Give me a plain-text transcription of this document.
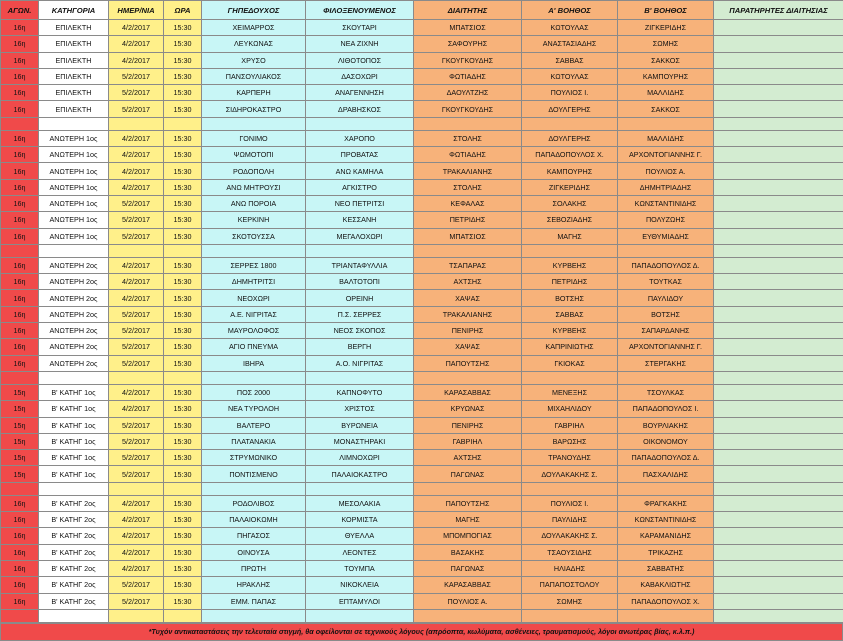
ΑΓΩΝ.	ΚΑΤΗΓΟΡΙΑ	ΗΜΕΡ/ΝΙΑ	ΩΡΑ	ΓΗΠΕΔΟΥΧΟΣ	ΦΙΛΟΞΕΝΟΥΜΕΝΟΣ	ΔΙΑΙΤΗΤΗΣ	Α' ΒΟΗΘΟΣ	Β' ΒΟΗΘΟΣ	ΠΑΡΑΤΗΡΗΤΕΣ ΔΙΑΙΤΗΣΙΑΣ
16η	ΕΠΙΛΕΚΤΗ	4/2/2017	15:30	ΧΕΙΜΑΡΡΟΣ	ΣΚΟΥΤΑΡΙ	ΜΠΑΤΣΙΟΣ	ΚΩΤΟΥΛΑΣ	ΖΙΓΚΕΡΙΔΗΣ	
16η	ΕΠΙΛΕΚΤΗ	4/2/2017	15:30	ΛΕΥΚΩΝΑΣ	ΝΕΑ ΖΙΧΝΗ	ΣΑΦΟΥΡΗΣ	ΑΝΑΣΤΑΣΙΑΔΗΣ	ΣΩΜΗΣ	
16η	ΕΠΙΛΕΚΤΗ	4/2/2017	15:30	ΧΡΥΣΟ	ΛΙΘΟΤΟΠΟΣ	ΓΚΟΥΓΚΟΥΔΗΣ	ΣΑΒΒΑΣ	ΣΑΚΚΟΣ	
16η	ΕΠΙΛΕΚΤΗ	5/2/2017	15:30	ΠΑΝΣΟΥΛΙΑΚΟΣ	ΔΑΣΟΧΩΡΙ	ΦΩΤΙΑΔΗΣ	ΚΩΤΟΥΛΑΣ	ΚΑΜΠΟΥΡΗΣ	
16η	ΕΠΙΛΕΚΤΗ	5/2/2017	15:30	ΚΑΡΠΕΡΗ	ΑΝΑΓΕΝΝΗΣΗ	ΔΑΟΥΛΤΖΗΣ	ΠΟΥΛΙΟΣ Ι.	ΜΑΛΛΙΔΗΣ	
16η	ΕΠΙΛΕΚΤΗ	5/2/2017	15:30	ΣΙΔΗΡΟΚΑΣΤΡΟ	ΔΡΑΒΗΣΚΟΣ	ΓΚΟΥΓΚΟΥΔΗΣ	ΔΟΥΛΓΕΡΗΣ	ΣΑΚΚΟΣ	

16η	ΑΝΩΤΕΡΗ 1ος	4/2/2017	15:30	ΓΟΝΙΜΟ	ΧΑΡΟΠΟ	ΣΤΟΛΗΣ	ΔΟΥΛΓΕΡΗΣ	ΜΑΛΛΙΔΗΣ	
16η	ΑΝΩΤΕΡΗ 1ος	4/2/2017	15:30	ΨΩΜΟΤΟΠΙ	ΠΡΟΒΑΤΑΣ	ΦΩΤΙΑΔΗΣ	ΠΑΠΑΔΟΠΟΥΛΟΣ Χ.	ΑΡΧΟΝΤΟΓΙΑΝΝΗΣ Γ.	
16η	ΑΝΩΤΕΡΗ 1ος	4/2/2017	15:30	ΡΟΔΟΠΟΛΗ	ΑΝΩ ΚΑΜΗΛΑ	ΤΡΑΚΑΛΙΑΝΗΣ	ΚΑΜΠΟΥΡΗΣ	ΠΟΥΛΙΟΣ Α.	
16η	ΑΝΩΤΕΡΗ 1ος	4/2/2017	15:30	ΑΝΩ ΜΗΤΡΟΥΣΙ	ΑΓΚΙΣΤΡΟ	ΣΤΟΛΗΣ	ΖΙΓΚΕΡΙΔΗΣ	ΔΗΜΗΤΡΙΑΔΗΣ	
16η	ΑΝΩΤΕΡΗ 1ος	5/2/2017	15:30	ΑΝΩ ΠΟΡΟΙΑ	ΝΕΟ ΠΕΤΡΙΤΣΙ	ΚΕΦΑΛΑΣ	ΣΟΛΑΚΗΣ	ΚΩΝΣΤΑΝΤΙΝΙΔΗΣ	
16η	ΑΝΩΤΕΡΗ 1ος	5/2/2017	15:30	ΚΕΡΚΙΝΗ	ΚΕΣΣΑΝΗ	ΠΕΤΡΙΔΗΣ	ΣΕΒΟΖΙΑΔΗΣ	ΠΟΛΥΖΩΗΣ	
16η	ΑΝΩΤΕΡΗ 1ος	5/2/2017	15:30	ΣΚΟΤΟΥΣΣΑ	ΜΕΓΑΛΟΧΩΡΙ	ΜΠΑΤΣΙΟΣ	ΜΑΓΗΣ	ΕΥΘΥΜΙΑΔΗΣ	

16η	ΑΝΩΤΕΡΗ 2ος	4/2/2017	15:30	ΣΕΡΡΕΣ 1800	ΤΡΙΑΝΤΑΦΥΛΛΙΑ	ΤΣΑΠΑΡΑΣ	ΚΥΡΒΕΗΣ	ΠΑΠΑΔΟΠΟΥΛΟΣ Δ.	
16η	ΑΝΩΤΕΡΗ 2ος	4/2/2017	15:30	ΔΗΜΗΤΡΙΤΣΙ	ΒΑΛΤΟΤΟΠΙ	ΑΧΤΣΗΣ	ΠΕΤΡΙΔΗΣ	ΤΟΥΤΚΑΣ	
16η	ΑΝΩΤΕΡΗ 2ος	4/2/2017	15:30	ΝΕΟΧΩΡΙ	ΟΡΕΙΝΗ	ΧΑΨΑΣ	ΒΟΤΣΗΣ	ΠΑΥΛΙΔΟΥ	
16η	ΑΝΩΤΕΡΗ 2ος	5/2/2017	15:30	Α.Ε. ΝΙΓΡΙΤΑΣ	Π.Σ. ΣΕΡΡΕΣ	ΤΡΑΚΑΛΙΑΝΗΣ	ΣΑΒΒΑΣ	ΒΟΤΣΗΣ	
16η	ΑΝΩΤΕΡΗ 2ος	5/2/2017	15:30	ΜΑΥΡΟΛΟΦΟΣ	ΝΕΟΣ ΣΚΟΠΟΣ	ΠΕΝΙΡΗΣ	ΚΥΡΒΕΗΣ	ΣΑΠΑΡΔΑΝΗΣ	
16η	ΑΝΩΤΕΡΗ 2ος	5/2/2017	15:30	ΑΓΙΟ ΠΝΕΥΜΑ	ΒΕΡΓΗ	ΧΑΨΑΣ	ΚΑΠΡΙΝΙΩΤΗΣ	ΑΡΧΟΝΤΟΓΙΑΝΝΗΣ Γ.	
16η	ΑΝΩΤΕΡΗ 2ος	5/2/2017	15:30	ΙΒΗΡΑ	Α.Ο. ΝΙΓΡΙΤΑΣ	ΠΑΠΟΥΤΣΗΣ	ΓΚΙΟΚΑΣ	ΣΤΕΡΓΑΚΗΣ	

15η	Β' ΚΑΤΗΓ 1ος	4/2/2017	15:30	ΠΟΣ 2000	ΚΑΠΝΟΦΥΤΟ	ΚΑΡΑΣΑΒΒΑΣ	ΜΕΝΕΞΗΣ	ΤΣΟΥΛΚΑΣ	
15η	Β' ΚΑΤΗΓ 1ος	4/2/2017	15:30	ΝΕΑ ΤΥΡΟΛΟΗ	ΧΡΙΣΤΟΣ	ΚΡΥΩΝΑΣ	ΜΙΧΑΗΛΙΔΟΥ	ΠΑΠΑΔΟΠΟΥΛΟΣ Ι.	
15η	Β' ΚΑΤΗΓ 1ος	5/2/2017	15:30	ΒΑΛΤΕΡΟ	ΒΥΡΩΝΕΙΑ	ΠΕΝΙΡΗΣ	ΓΑΒΡΙΗΛ	ΒΟΥΡΛΙΑΚΗΣ	
15η	Β' ΚΑΤΗΓ 1ος	5/2/2017	15:30	ΠΛΑΤΑΝΑΚΙΑ	ΜΟΝΑΣΤΗΡΑΚΙ	ΓΑΒΡΙΗΛ	ΒΑΡΩΣΗΣ	ΟΙΚΟΝΟΜΟΥ	
15η	Β' ΚΑΤΗΓ 1ος	5/2/2017	15:30	ΣΤΡΥΜΩΝΙΚΟ	ΛΙΜΝΟΧΩΡΙ	ΑΧΤΣΗΣ	ΤΡΑΝΟΥΔΗΣ	ΠΑΠΑΔΟΠΟΥΛΟΣ Δ.	
15η	Β' ΚΑΤΗΓ 1ος	5/2/2017	15:30	ΠΟΝΤΙΣΜΕΝΟ	ΠΑΛΑΙΟΚΑΣΤΡΟ	ΠΑΓΩΝΑΣ	ΔΟΥΛΑΚΑΚΗΣ Σ.	ΠΑΣΧΑΛΙΔΗΣ	

16η	Β' ΚΑΤΗΓ 2ος	4/2/2017	15:30	ΡΟΔΟΛΙΒΟΣ	ΜΕΣΟΛΑΚΙΑ	ΠΑΠΟΥΤΣΗΣ	ΠΟΥΛΙΟΣ Ι.	ΦΡΑΓΚΑΚΗΣ	
16η	Β' ΚΑΤΗΓ 2ος	4/2/2017	15:30	ΠΑΛΑΙΟΚΩΜΗ	ΚΟΡΜΙΣΤΑ	ΜΑΓΗΣ	ΠΑΥΛΙΔΗΣ	ΚΩΝΣΤΑΝΤΙΝΙΔΗΣ	
16η	Β' ΚΑΤΗΓ 2ος	4/2/2017	15:30	ΠΗΓΑΣΟΣ	ΘΥΕΛΛΑ	ΜΠΟΜΠΟΓΙΑΣ	ΔΟΥΛΑΚΑΚΗΣ Σ.	ΚΑΡΑΜΑΝΙΔΗΣ	
16η	Β' ΚΑΤΗΓ 2ος	4/2/2017	15:30	ΟΙΝΟΥΣΑ	ΛΕΟΝΤΕΣ	ΒΑΣΑΚΗΣ	ΤΣΑΟΥΣΙΔΗΣ	ΤΡΙΚΑΖΗΣ	
16η	Β' ΚΑΤΗΓ 2ος	4/2/2017	15:30	ΠΡΩΤΗ	ΤΟΥΜΠΑ	ΠΑΓΩΝΑΣ	ΗΛΙΑΔΗΣ	ΣΑΒΒΑΤΗΣ	
16η	Β' ΚΑΤΗΓ 2ος	5/2/2017	15:30	ΗΡΑΚΛΗΣ	ΝΙΚΟΚΛΕΙΑ	ΚΑΡΑΣΑΒΒΑΣ	ΠΑΠΑΠΟΣΤΟΛΟΥ	ΚΑΒΑΚΛΙΩΤΗΣ	
16η	Β' ΚΑΤΗΓ 2ος	5/2/2017	15:30	ΕΜΜ. ΠΑΠΑΣ	ΕΠΤΑΜΥΛΟΙ	ΠΟΥΛΙΟΣ Α.	ΣΩΜΗΣ	ΠΑΠΑΔΟΠΟΥΛΟΣ Χ.	

*Τυχόν αντικαταστάσεις την τελευταία στιγμή, θα οφείλονται σε τεχνικούς λόγους (απρόοπτα, κωλύματα, ασθένειες, τραυματισμούς, λόγοι ανωτέρας βίας, κ.λ.π.)
